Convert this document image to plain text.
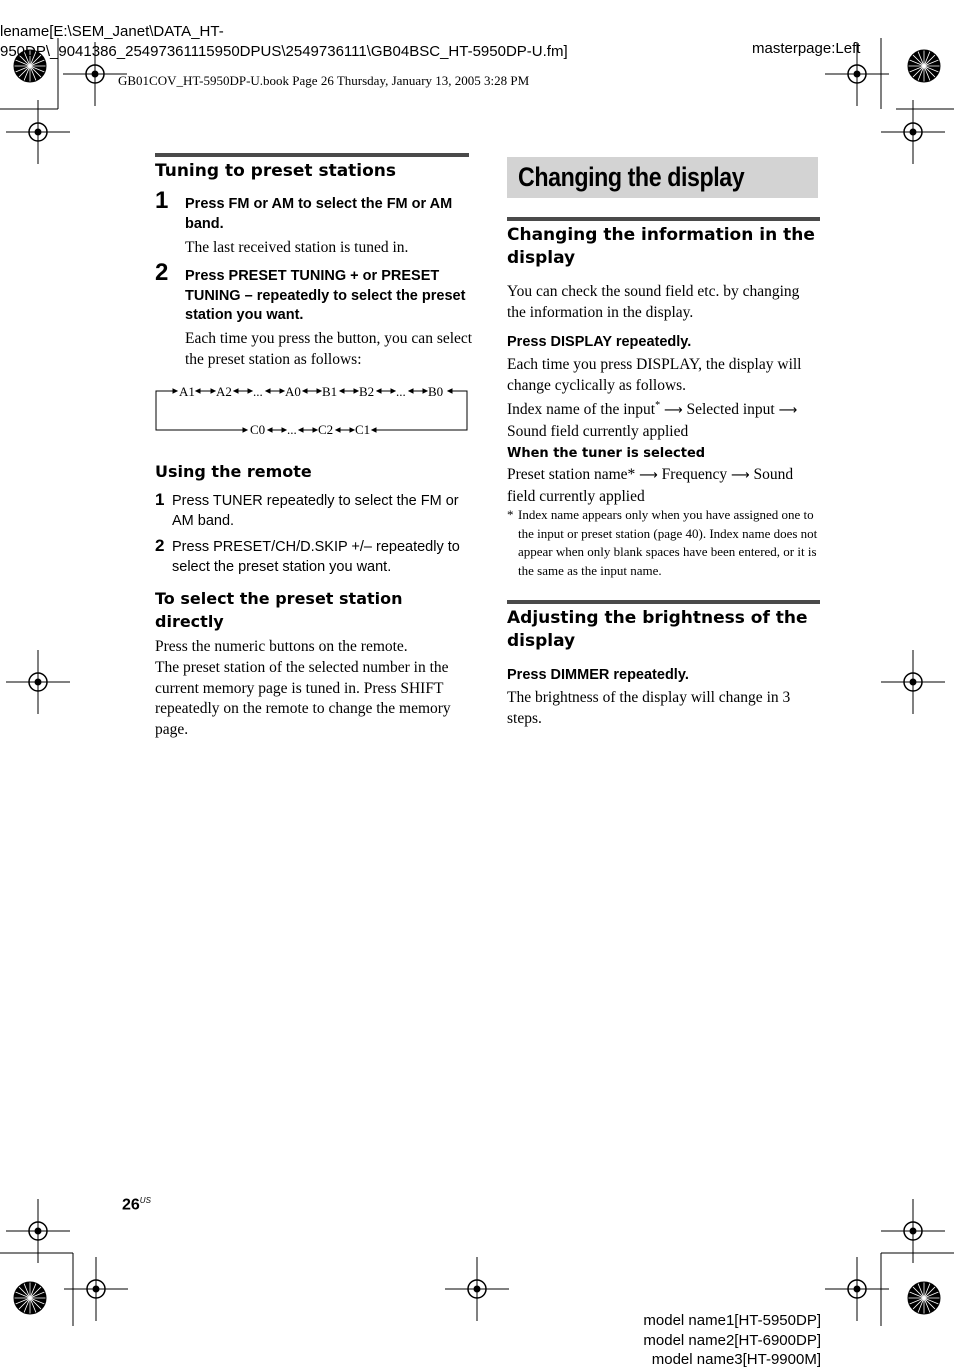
lename[E:\SEM_Janet\DATA_HT-
950DP\_9041386_25497361115950DPUS\2549736111\GB04BSC_HT-5950DP-U.fm]	masterpage:Left
GB01COV_HT-5950DP-U.book Page 26 Thursday, January 13, 2005 3:28 PM
Tuning to preset stations
1 Press FM or AM to select the FM or AM band.
The last received station is tuned in.
2 Press PRESET TUNING + or PRESET TUNING – repeatedly to select the preset station you want.
Each time you press the button, you can select the preset station as follows:
A1 A2 ... A0 B1 B2 ... B0
C0 ... C2 C1
Using the remote
1 Press TUNER repeatedly to select the FM or AM band.
2 Press PRESET/CH/D.SKIP +/– repeatedly to select the preset station you want.
To select the preset station directly
Press the numeric buttons on the remote.
The preset station of the selected number in the current memory page is tuned in. Press SHIFT repeatedly on the remote to change the memory page.
Changing the display
Changing the information in the display
You can check the sound field etc. by changing the information in the display.
Press DISPLAY repeatedly.
Each time you press DISPLAY, the display will change cyclically as follows.
Index name of the input* ⟶ Selected input ⟶
Sound field currently applied
When the tuner is selected
Preset station name* ⟶ Frequency ⟶ Sound field currently applied
* Index name appears only when you have assigned one to the input or preset station (page 40). Index name does not appear when only blank spaces have been entered, or it is the same as the input name.
Adjusting the brightness of the display
Press DIMMER repeatedly.
The brightness of the display will change in 3 steps.
$26^{US}$
model name1[HT-5950DP]
model name2[HT-6900DP]
model name3[HT-9900M]
